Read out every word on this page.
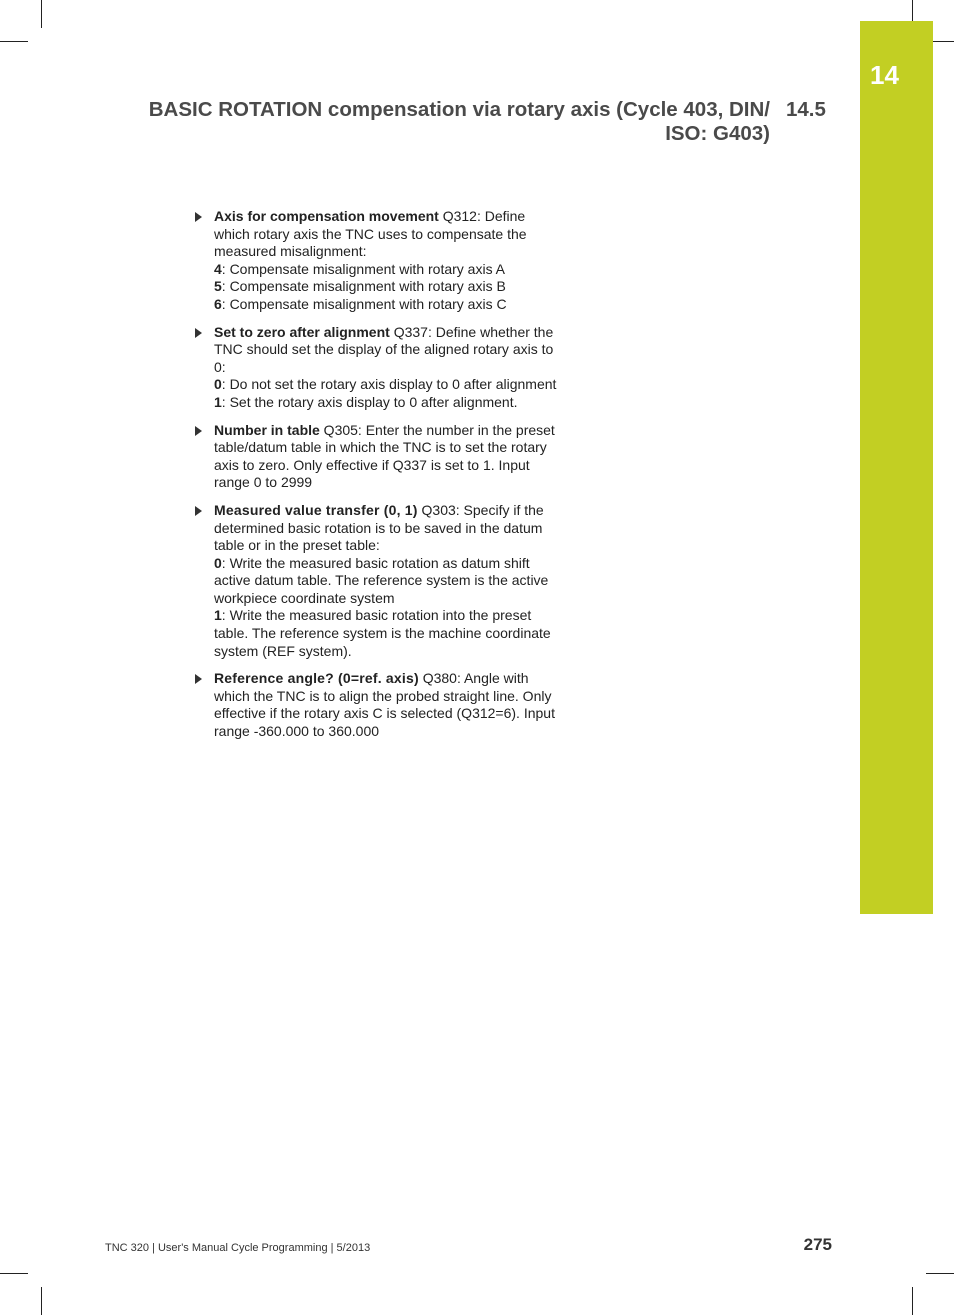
14
BASIC ROTATION compensation via rotary axis (Cycle 403, DIN/ ISO: G403)
14.5
Axis for compensation movement Q312: Define which rotary axis the TNC uses to compensate the measured misalignment:
4: Compensate misalignment with rotary axis A
5: Compensate misalignment with rotary axis B
6: Compensate misalignment with rotary axis C
Set to zero after alignment Q337: Define whether the TNC should set the display of the aligned rotary axis to 0:
0: Do not set the rotary axis display to 0 after alignment
1: Set the rotary axis display to 0 after alignment.
Number in table Q305: Enter the number in the preset table/datum table in which the TNC is to set the rotary axis to zero. Only effective if Q337 is set to 1. Input range 0 to 2999
Measured value transfer (0, 1) Q303: Specify if the determined basic rotation is to be saved in the datum table or in the preset table:
0: Write the measured basic rotation as datum shift active datum table. The reference system is the active workpiece coordinate system
1: Write the measured basic rotation into the preset table. The reference system is the machine coordinate system (REF system).
Reference angle? (0=ref. axis) Q380: Angle with which the TNC is to align the probed straight line. Only effective if the rotary axis C is selected (Q312=6). Input range -360.000 to 360.000
TNC 320 | User's Manual Cycle Programming | 5/2013	275
